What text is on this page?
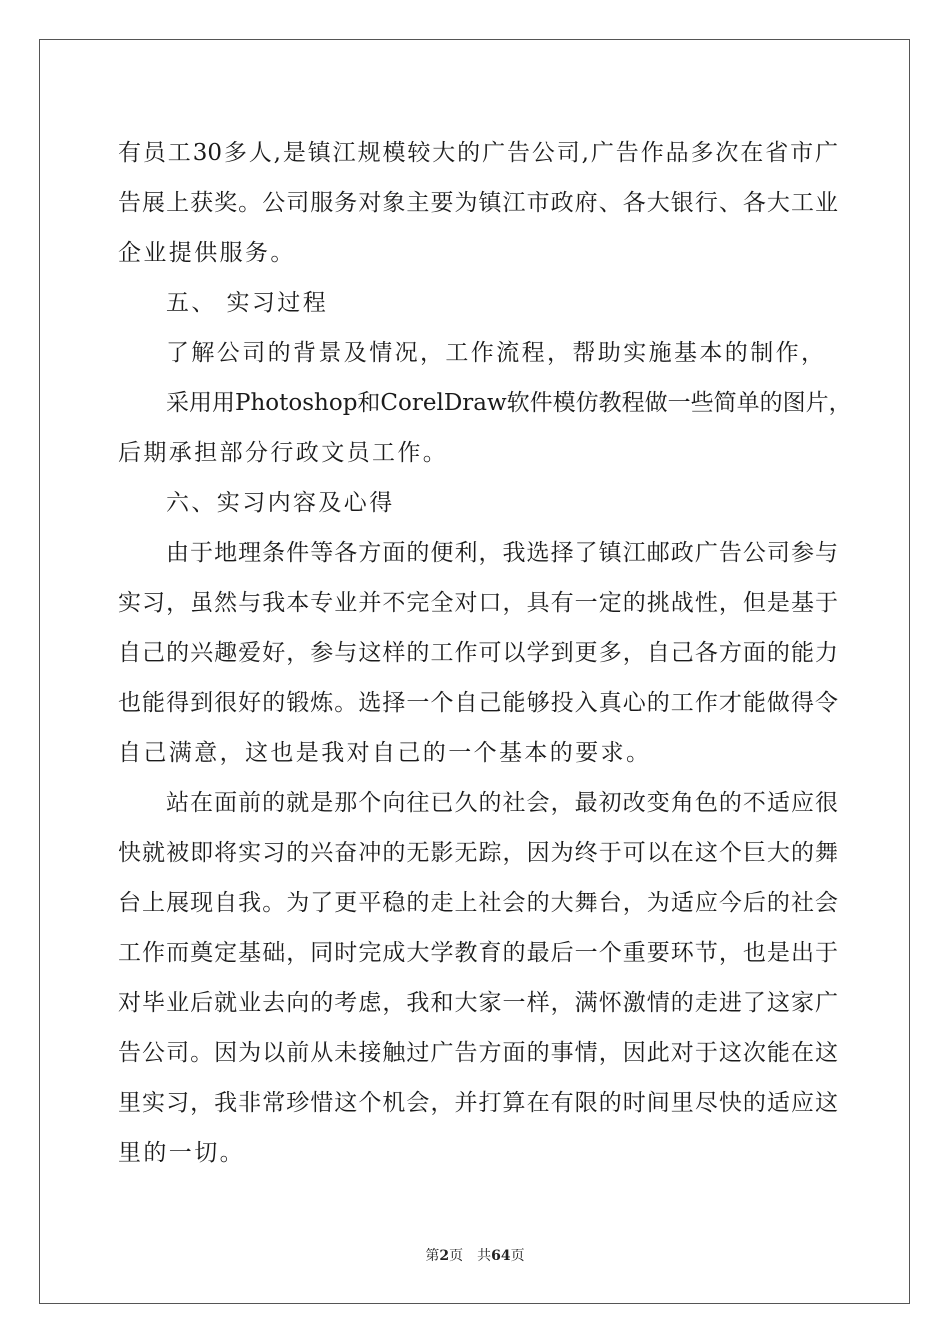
有员工30多人,是镇江规模较大的广告公司,广告作品多次在省市广
告展上获奖。公司服务对象主要为镇江市政府、各大银行、各大工业
企业提供服务。
五、 实习过程
了解公司的背景及情况，工作流程，帮助实施基本的制作，
采用用Photoshop和CorelDraw软件模仿教程做一些简单的图片，
后期承担部分行政文员工作。
六、实习内容及心得
由于地理条件等各方面的便利，我选择了镇江邮政广告公司参与
实习，虽然与我本专业并不完全对口，具有一定的挑战性，但是基于
自己的兴趣爱好，参与这样的工作可以学到更多，自己各方面的能力
也能得到很好的锻炼。选择一个自己能够投入真心的工作才能做得令
自己满意，这也是我对自己的一个基本的要求。
站在面前的就是那个向往已久的社会，最初改变角色的不适应很
快就被即将实习的兴奋冲的无影无踪，因为终于可以在这个巨大的舞
台上展现自我。为了更平稳的走上社会的大舞台，为适应今后的社会
工作而奠定基础，同时完成大学教育的最后一个重要环节，也是出于
对毕业后就业去向的考虑，我和大家一样，满怀激情的走进了这家广
告公司。因为以前从未接触过广告方面的事情，因此对于这次能在这
里实习，我非常珍惜这个机会，并打算在有限的时间里尽快的适应这
里的一切。
第2页 共64页
